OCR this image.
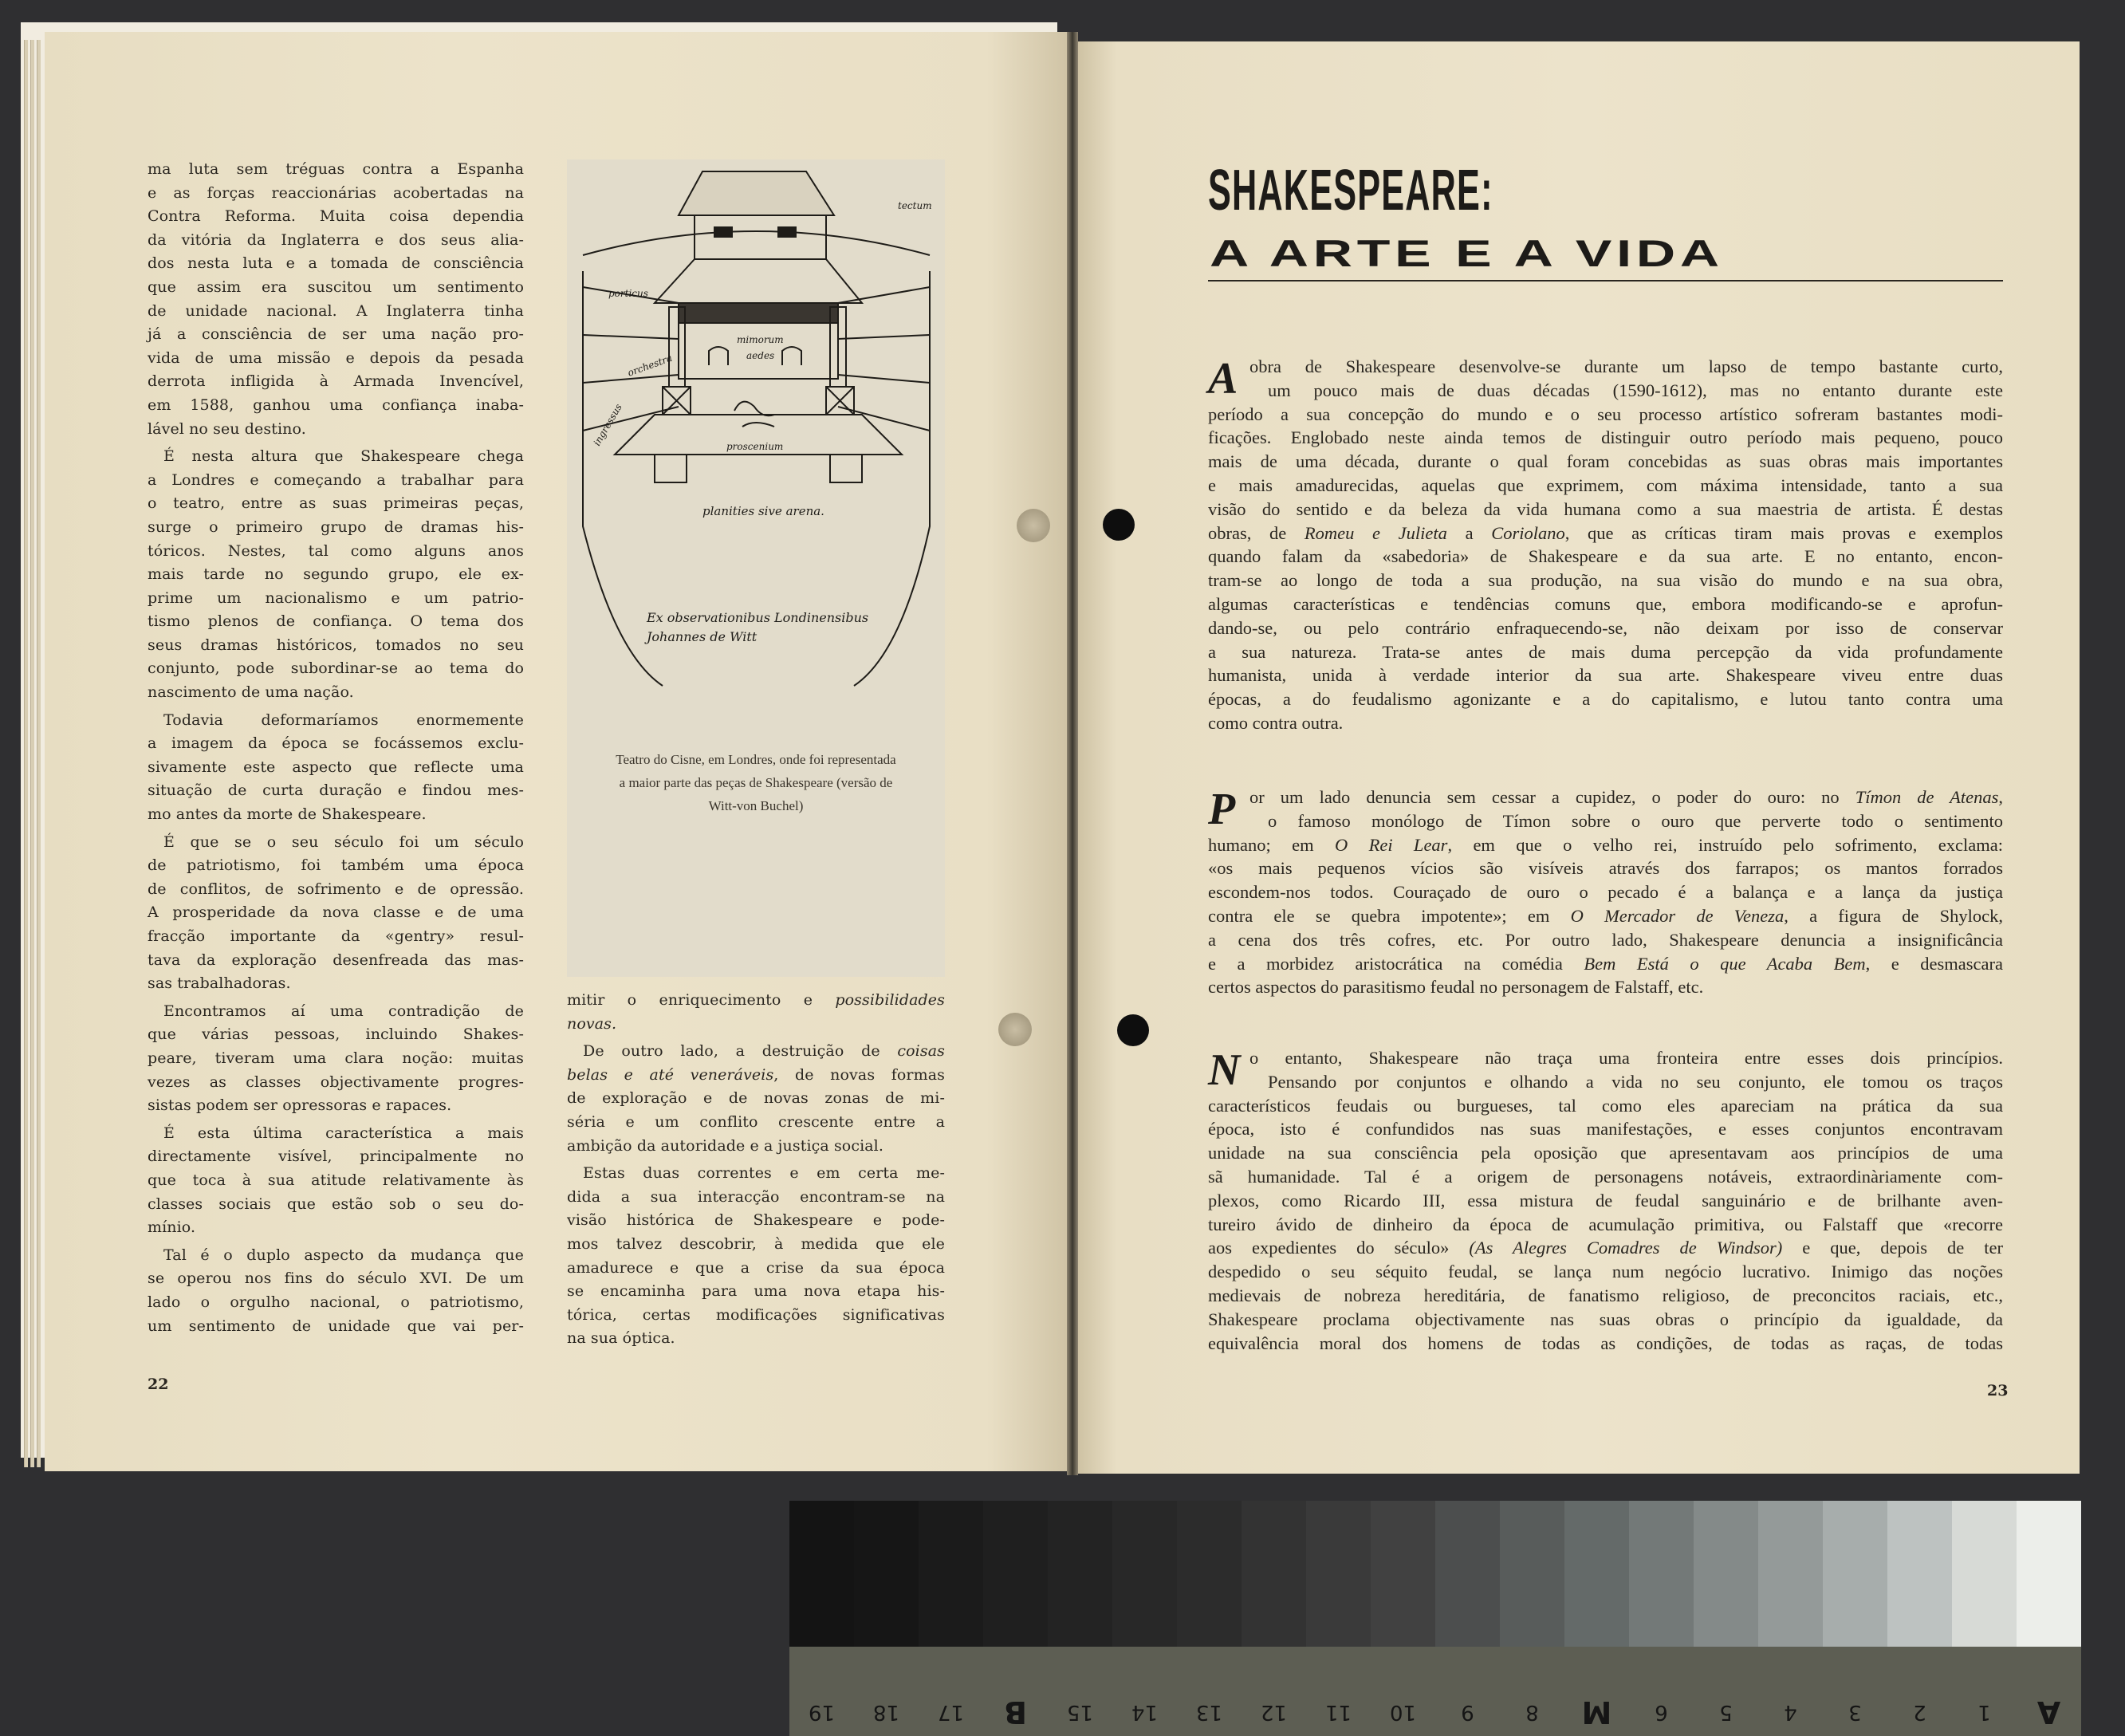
ma luta sem tréguas contra a Espanha
e as forças reaccionárias acobertadas na
Contra Reforma. Muita coisa dependia
da vitória da Inglaterra e dos seus alia-
dos nesta luta e a tomada de consciência
que assim era suscitou um sentimento
de unidade nacional. A Inglaterra tinha
já a consciência de ser uma nação pro-
vida de uma missão e depois da pesada
derrota infligida à Armada Invencível,
em 1588, ganhou uma confiança inaba-
lável no seu destino.
É nesta altura que Shakespeare chega
a Londres e começando a trabalhar para
o teatro, entre as suas primeiras peças,
surge o primeiro grupo de dramas his-
tóricos. Nestes, tal como alguns anos
mais tarde no segundo grupo, ele ex-
prime um nacionalismo e um patrio-
tismo plenos de confiança. O tema dos
seus dramas históricos, tomados no seu
conjunto, pode subordinar-se ao tema do
nascimento de uma nação.
Todavia deformaríamos enormemente
a imagem da época se focássemos exclu-
sivamente este aspecto que reflecte uma
situação de curta duração e findou mes-
mo antes da morte de Shakespeare.
É que se o seu século foi um século
de patriotismo, foi também uma época
de conflitos, de sofrimento e de opressão.
A prosperidade da nova classe e de uma
fracção importante da «gentry» resul-
tava da exploração desenfreada das mas-
sas trabalhadoras.
Encontramos aí uma contradição de
que várias pessoas, incluindo Shakes-
peare, tiveram uma clara noção: muitas
vezes as classes objectivamente progres-
sistas podem ser opressoras e rapaces.
É esta última característica a mais
directamente visível, principalmente no
que toca à sua atitude relativamente às
classes sociais que estão sob o seu do-
mínio.
Tal é o duplo aspecto da mudança que
se operou nos fins do século XVI. De um
lado o orgulho nacional, o patriotismo,
um sentimento de unidade que vai per-
tectum
porticus
orchestra
ingressus
mimorum
aedes
proscenium
planities sive arena.
Ex observationibus Londinensibus
Johannes de Witt
Teatro do Cisne, em Londres, onde foi representada
a maior parte das peças de Shakespeare (versão de
Witt-von Buchel)
mitir o enriquecimento e possibilidades
novas.
De outro lado, a destruição de coisas
belas e até veneráveis, de novas formas
de exploração e de novas zonas de mi-
séria e um conflito crescente entre a
ambição da autoridade e a justiça social.
Estas duas correntes e em certa me-
dida a sua interacção encontram-se na
visão histórica de Shakespeare e pode-
mos talvez descobrir, à medida que ele
amadurece e que a crise da sua época
se encaminha para uma nova etapa his-
tórica, certas modificações significativas
na sua óptica.
22
SHAKESPEARE:
A ARTE E A VIDA
A obra de Shakespeare desenvolve-se durante um lapso de tempo bastante curto,
um pouco mais de duas décadas (1590-1612), mas no entanto durante este
período a sua concepção do mundo e o seu processo artístico sofreram bastantes modi-
ficações. Englobado neste ainda temos de distinguir outro período mais pequeno, pouco
mais de uma década, durante o qual foram concebidas as suas obras mais importantes
e mais amadurecidas, aquelas que exprimem, com máxima intensidade, tanto a sua
visão do sentido e da beleza da vida humana como a sua maestria de artista. É destas
obras, de Romeu e Julieta a Coriolano, que as críticas tiram mais provas e exemplos
quando falam da «sabedoria» de Shakespeare e da sua arte. E no entanto, encon-
tram-se ao longo de toda a sua produção, na sua visão do mundo e na sua obra,
algumas características e tendências comuns que, embora modificando-se e aprofun-
dando-se, ou pelo contrário enfraquecendo-se, não deixam por isso de conservar
a sua natureza. Trata-se antes de mais duma percepção da vida profundamente
humanista, unida à verdade interior da sua arte. Shakespeare viveu entre duas
épocas, a do feudalismo agonizante e a do capitalismo, e lutou tanto contra uma
como contra outra.
P or um lado denuncia sem cessar a cupidez, o poder do ouro: no Tímon de Atenas,
o famoso monólogo de Tímon sobre o ouro que perverte todo o sentimento
humano; em O Rei Lear, em que o velho rei, instruído pelo sofrimento, exclama:
«os mais pequenos vícios são visíveis através dos farrapos; os mantos forrados
escondem-nos todos. Couraçado de ouro o pecado é a balança e a lança da justiça
contra ele se quebra impotente»; em O Mercador de Veneza, a figura de Shylock,
a cena dos três cofres, etc. Por outro lado, Shakespeare denuncia a insignificância
e a morbidez aristocrática na comédia Bem Está o que Acaba Bem, e desmascara
certos aspectos do parasitismo feudal no personagem de Falstaff, etc.
N o entanto, Shakespeare não traça uma fronteira entre esses dois princípios.
Pensando por conjuntos e olhando a vida no seu conjunto, ele tomou os traços
característicos feudais ou burgueses, tal como eles apareciam na prática da sua
época, isto é confundidos nas suas manifestações, e esses conjuntos encontravam
unidade na sua consciência pela oposição que apresentavam aos princípios de uma
sã humanidade. Tal é a origem de personagens notáveis, extraordinàriamente com-
plexos, como Ricardo III, essa mistura de feudal sanguinário e de brilhante aven-
tureiro ávido de dinheiro da época de acumulação primitiva, ou Falstaff que «recorre
aos expedientes do século» (As Alegres Comadres de Windsor) e que, depois de ter
despedido o seu séquito feudal, se lança num negócio lucrativo. Inimigo das noções
medievais de nobreza hereditária, de fanatismo religioso, de preconcitos raciais, etc.,
Shakespeare proclama objectivamente nas suas obras o princípio da igualdade, da
equivalência moral dos homens de todas as condições, de todas as raças, de todas
23
19	18	17	B	15	14	13	12	11	10	9	8	M	6	5	4	3	2	1	A
